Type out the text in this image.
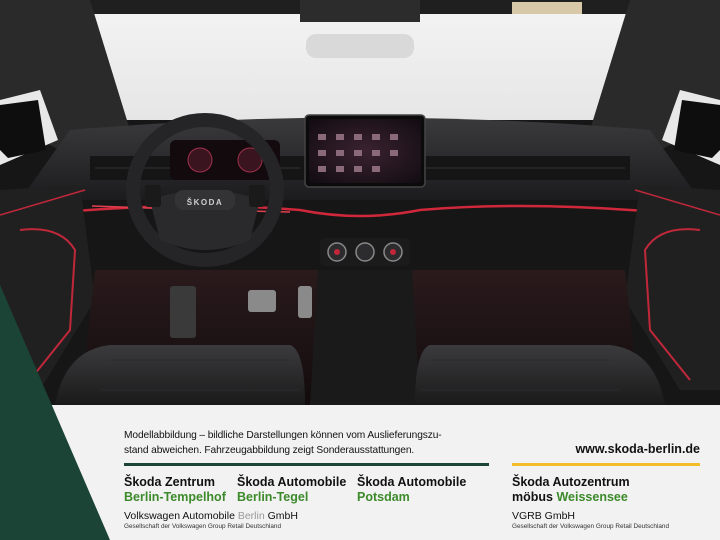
ŠKODA
Modellabbildung – bildliche Darstellungen können vom Auslieferungszu-
stand abweichen. Fahrzeugabbildung zeigt Sonderausstattungen.	www.skoda-berlin.de
Škoda Zentrum
Berlin-Tempelhof
Škoda Automobile
Berlin-Tegel
Škoda Automobile
Potsdam
Škoda Autozentrum
möbus Weissensee
Volkswagen Automobile Berlin GmbH	VGRB GmbH
Gesellschaft der Volkswagen Group Retail Deutschland	Gesellschaft der Volkswagen Group Retail Deutschland
